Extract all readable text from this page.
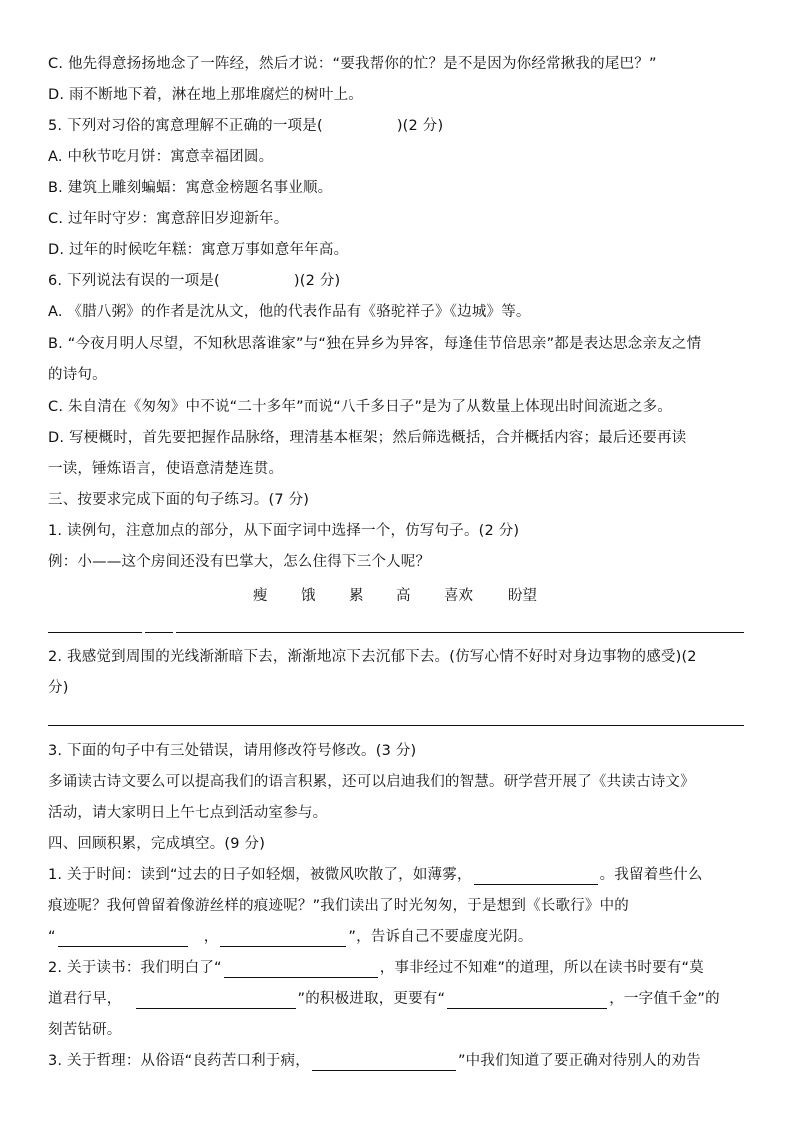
C. 他先得意扬扬地念了一阵经，然后才说：“要我帮你的忙？是不是因为你经常揪我的尾巴？”
D. 雨不断地下着，淋在地上那堆腐烂的树叶上。
5. 下列对习俗的寓意理解不正确的一项是(	)(2 分)
A. 中秋节吃月饼：寓意幸福团圆。
B. 建筑上雕刻蝙蝠：寓意金榜题名事业顺。
C. 过年时守岁：寓意辞旧岁迎新年。
D. 过年的时候吃年糕：寓意万事如意年年高。
6. 下列说法有误的一项是(	)(2 分)
A. 《腊八粥》的作者是沈从文，他的代表作品有《骆驼祥子》《边城》等。
B. “今夜月明人尽望，不知秋思落谁家”与“独在异乡为异客，每逢佳节倍思亲”都是表达思念亲友之情
的诗句。
C. 朱自清在《匆匆》中不说“二十多年”而说“八千多日子”是为了从数量上体现出时间流逝之多。
D. 写梗概时，首先要把握作品脉络，理清基本框架；然后筛选概括，合并概括内容；最后还要再读
一读，锤炼语言，使语意清楚连贯。
三、按要求完成下面的句子练习。(7 分)
1. 读例句，注意加点的部分，从下面字词中选择一个，仿写句子。(2 分)
例：小——这个房间还没有巴掌大，怎么住得下三个人呢？
瘦 饿 累 高 喜欢 盼望
2. 我感觉到周围的光线渐渐暗下去，渐渐地凉下去沉郁下去。(仿写心情不好时对身边事物的感受)(2
分)
3. 下面的句子中有三处错误，请用修改符号修改。(3 分)
多诵读古诗文要么可以提高我们的语言积累，还可以启迪我们的智慧。研学营开展了《共读古诗文》
活动，请大家明日上午七点到活动室参与。
四、回顾积累，完成填空。(9 分)
1. 关于时间：读到“过去的日子如轻烟，被微风吹散了，如薄雾，	。我留着些什么
痕迹呢？我何曾留着像游丝样的痕迹呢？”我们读出了时光匆匆，于是想到《长歌行》中的
“	，	”，告诉自己不要虚度光阴。
2. 关于读书：我们明白了“	，事非经过不知难”的道理，所以在读书时要有“莫
道君行早，	”的积极进取，更要有“	，一字值千金”的
刻苦钻研。
3. 关于哲理：从俗语“良药苦口利于病，	”中我们知道了要正确对待别人的劝告
